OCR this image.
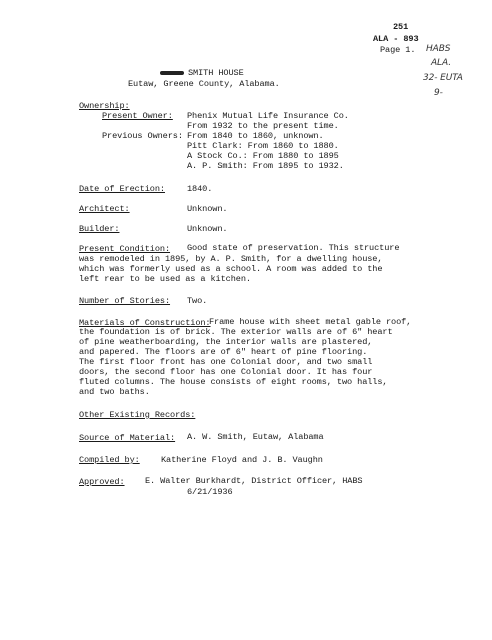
251
ALA - 893
Page 1. HABS
ALA.
32- EUTA
9-
SMITH HOUSE
Eutaw, Greene County, Alabama.
Ownership:
Present Owner: Phenix Mutual Life Insurance Co.
From 1932 to the present time.
Previous Owners: From 1840 to 1860, unknown.
Pitt Clark: From 1860 to 1880.
A Stock Co.: From 1880 to 1895
A. P. Smith: From 1895 to 1932.
Date of Erection:	1840.
Architect:	Unknown.
Builder:	Unknown.
Present Condition: Good state of preservation. This structure
was remodeled in 1895, by A. P. Smith, for a dwelling house,
which was formerly used as a school. A room was added to the
left rear to be used as a kitchen.
Number of Stories: Two.
Materials of Construction:
Frame house with sheet metal gable roof,
the foundation is of brick. The exterior walls are of 6" heart
of pine weatherboarding, the interior walls are plastered,
and papered. The floors are of 6" heart of pine flooring.
The first floor front has one Colonial door, and two small
doors, the second floor has one Colonial door. It has four
fluted columns. The house consists of eight rooms, two halls,
and two baths.
Other Existing Records:
Source of Material: A. W. Smith, Eutaw, Alabama
Compiled by: Katherine Floyd and J. B. Vaughn
Approved: E. Walter Burkhardt, District Officer, HABS
6/21/1936
